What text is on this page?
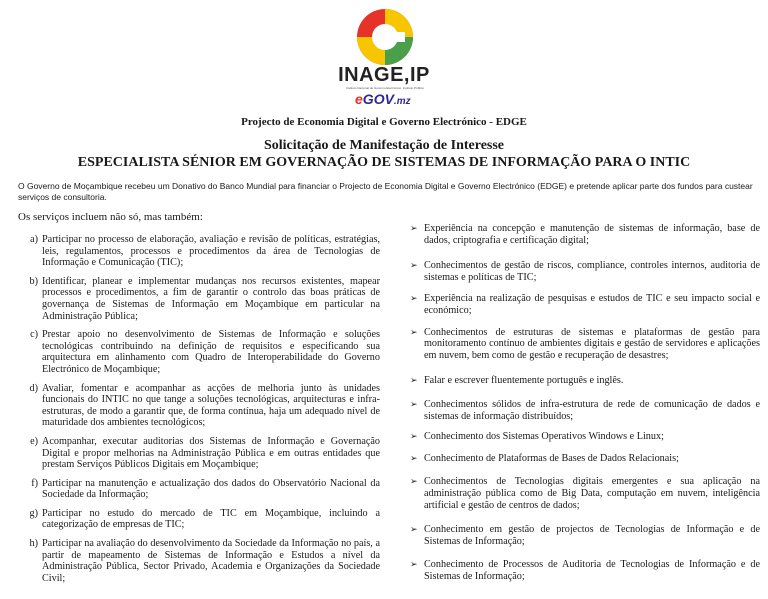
INAGE,IP
Instituto Nacional de Governo Electrónico, Instituto Público
eGOV.mz
Projecto de Economia Digital e Governo Electrónico - EDGE
Solicitação de Manifestação de Interesse
ESPECIALISTA SÉNIOR EM GOVERNAÇÃO DE SISTEMAS DE INFORMAÇÃO PARA O INTIC
O Governo de Moçambique recebeu um Donativo do Banco Mundial para financiar o Projecto de Economia Digital e Governo Electrónico (EDGE) e pretende aplicar parte dos fundos para custear serviços de consultoria.
Os serviços incluem não só, mas também:
a) Participar no processo de elaboração, avaliação e revisão de políticas, estratégias, leis, regulamentos, processos e procedimentos da área de Tecnologias de Informação e Comunicação (TIC);
b) Identificar, planear e implementar mudanças nos recursos existentes, mapear processos e procedimentos, a fim de garantir o controlo das boas práticas de governança de Sistemas de Informação em Moçambique em particular na Administração Pública;
c) Prestar apoio no desenvolvimento de Sistemas de Informação e soluções tecnológicas contribuindo na definição de requisitos e especificando sua arquitectura em alinhamento com Quadro de Interoperabilidade do Governo Electrónico de Moçambique;
d) Avaliar, fomentar e acompanhar as acções de melhoria junto às unidades funcionais do INTIC no que tange a soluções tecnológicas, arquitecturas e infra-estruturas, de modo a garantir que, de forma contínua, haja um adequado nível de maturidade dos ambientes tecnológicos;
e) Acompanhar, executar auditorias dos Sistemas de Informação e Governação Digital e propor melhorias na Administração Pública e em outras entidades que prestam Serviços Públicos Digitais em Moçambique;
f) Participar na manutenção e actualização dos dados do Observatório Nacional da Sociedade da Informação;
g) Participar no estudo do mercado de TIC em Moçambique, incluindo a categorização de empresas de TIC;
h) Participar na avaliação do desenvolvimento da Sociedade da Informação no país, a partir de mapeamento de Sistemas de Informação e Estudos a nível da Administração Pública, Sector Privado, Academia e Organizações da Sociedade Civil;
➢ Experiência na concepção e manutenção de sistemas de informação, base de dados, criptografia e certificação digital;
➢ Conhecimentos de gestão de riscos, compliance, controles internos, auditoria de sistemas e políticas de TIC;
➢ Experiência na realização de pesquisas e estudos de TIC e seu impacto social e económico;
➢ Conhecimentos de estruturas de sistemas e plataformas de gestão para monitoramento contínuo de ambientes digitais e gestão de servidores e aplicações em nuvem, bem como de gestão e recuperação de desastres;
➢ Falar e escrever fluentemente português e inglês.
➢ Conhecimentos sólidos de infra-estrutura de rede de comunicação de dados e sistemas de informação distribuídos;
➢ Conhecimento dos Sistemas Operativos Windows e Linux;
➢ Conhecimento de Plataformas de Bases de Dados Relacionais;
➢ Conhecimentos de Tecnologias digitais emergentes e sua aplicação na administração pública como de Big Data, computação em nuvem, inteligência artificial e gestão de centros de dados;
➢ Conhecimento em gestão de projectos de Tecnologias de Informação e de Sistemas de Informação;
➢ Conhecimento de Processos de Auditoria de Tecnologias de Informação e de Sistemas de Informação;
